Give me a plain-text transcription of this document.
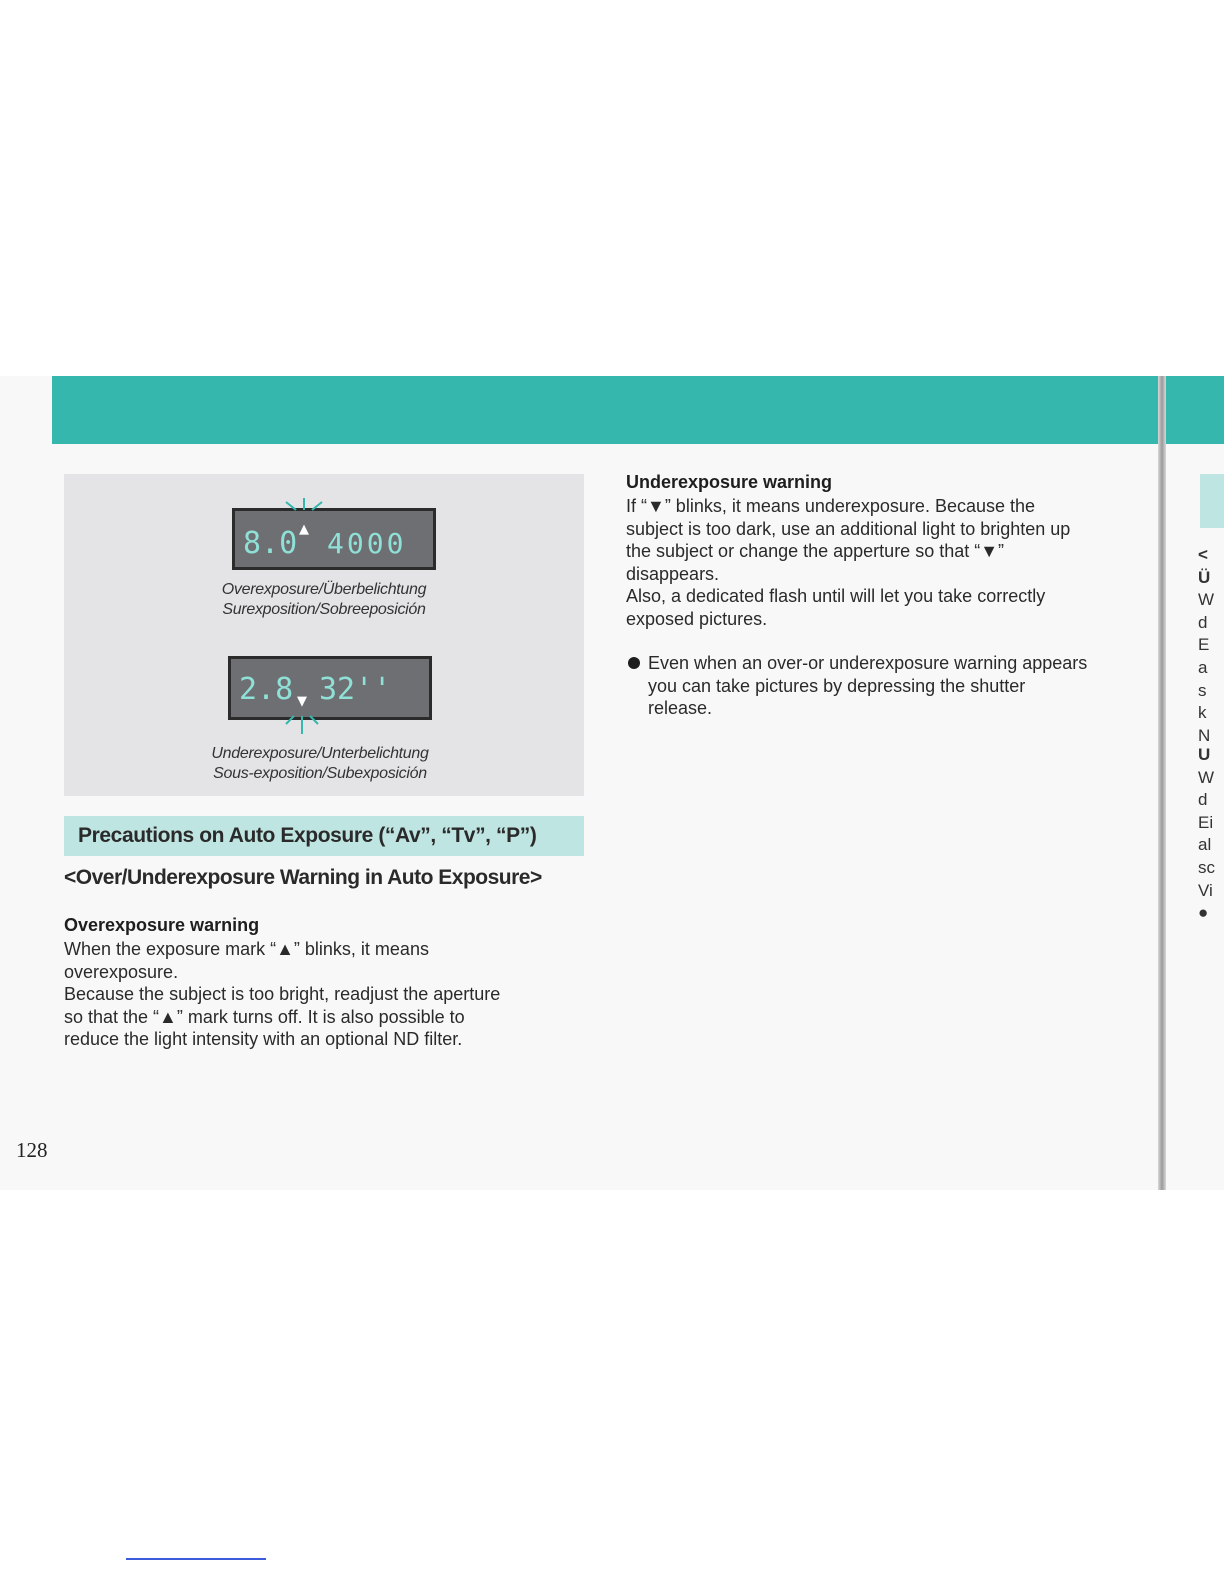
8.0 ▲ 4000
Overexposure/Überbelichtung
Surexposition/Sobreeposición
2.8 ▼ 32''
Underexposure/Unterbelichtung
Sous-exposition/Subexposición
Precautions on Auto Exposure (“Av”, “Tv”, “P”)
<Over/Underexposure Warning in Auto Exposure>
Overexposure warning
When the exposure mark “▲” blinks, it means
overexposure.
Because the subject is too bright, readjust the aperture
so that the “▲” mark turns off. It is also possible to
reduce the light intensity with an optional ND filter.
Underexposure warning
If “▼” blinks, it means underexposure. Because the
subject is too dark, use an additional light to brighten up
the subject or change the apperture so that “▼”
disappears.
Also, a dedicated flash until will let you take correctly
exposed pictures.
Even when an over-or underexposure warning appears
you can take pictures by depressing the shutter
release.
128
<
Ü
W
d
E
a
s
k
N
U
W
d
Ei
al
sc
Vi
●
